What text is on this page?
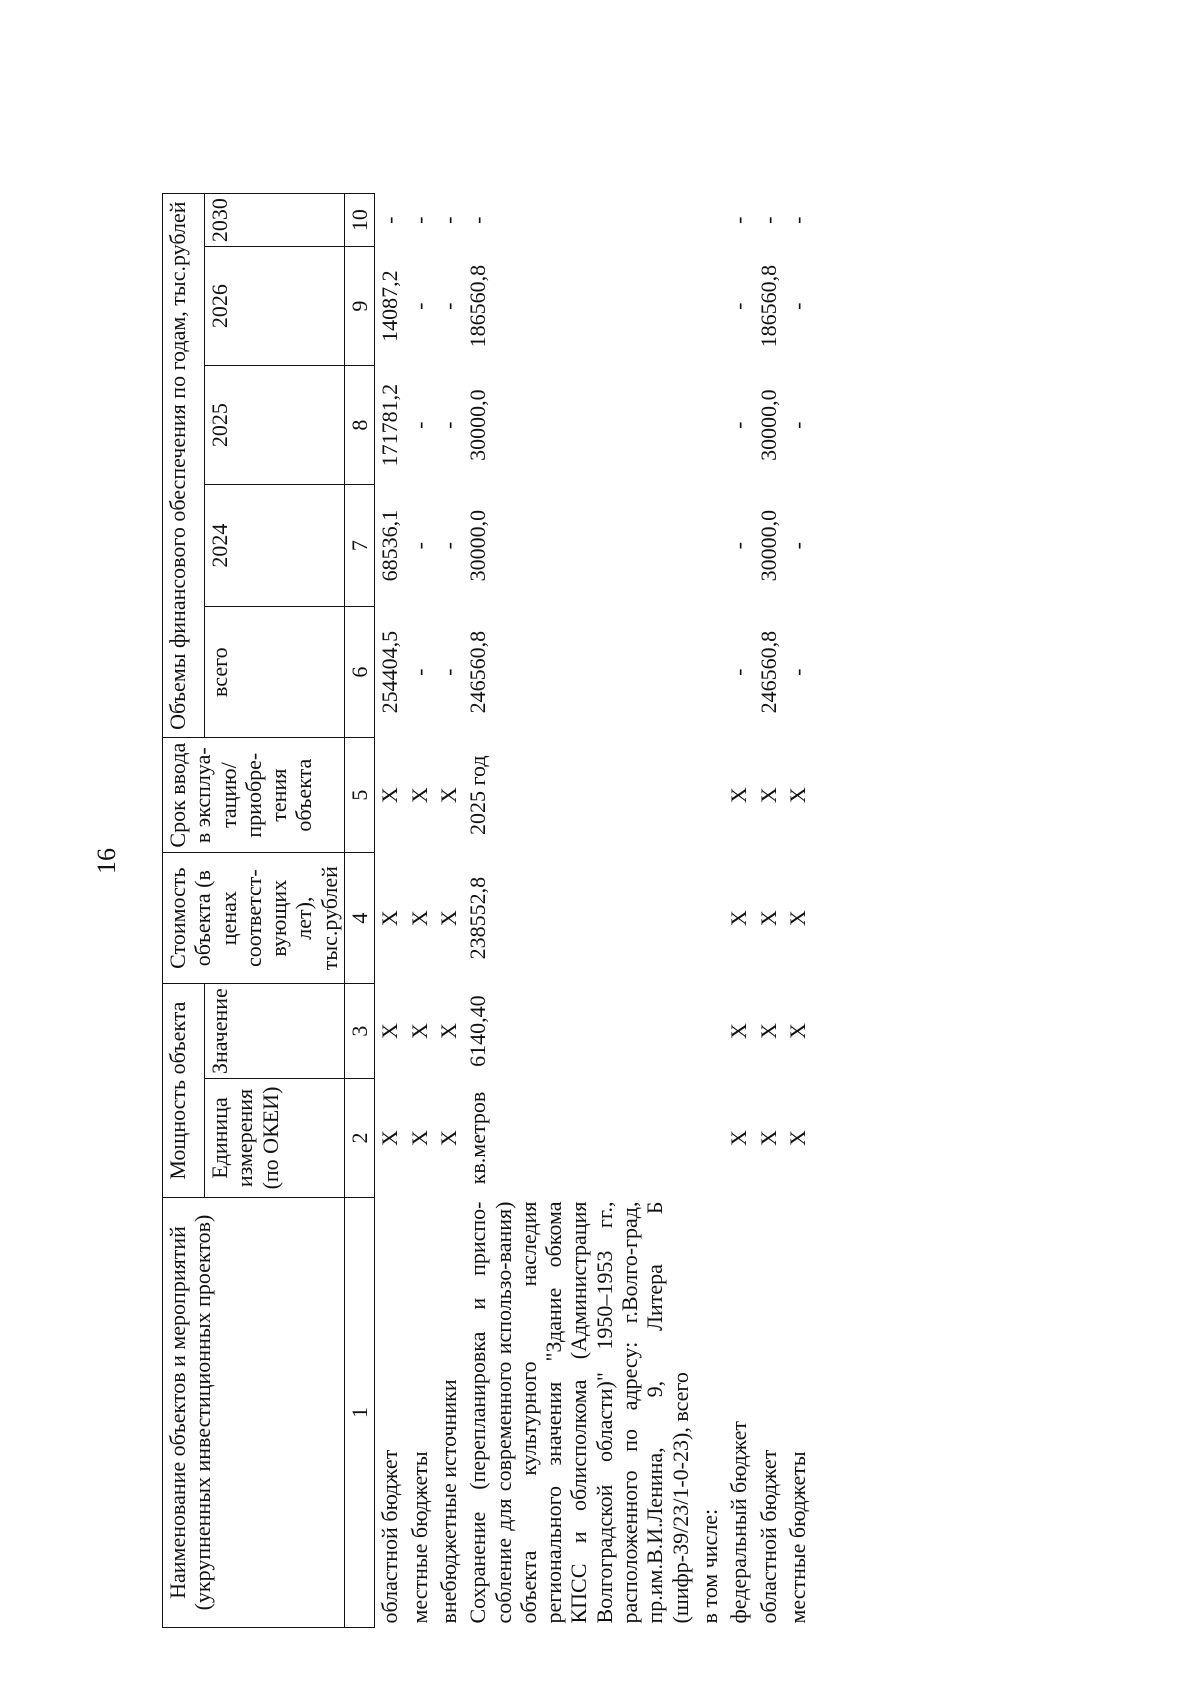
16
Наименование объектов и мероприятий (укрупненных инвестиционных проектов)	Мощность объекта		Стоимость объекта (в ценах соответст-вующих лет), тыс.рублей	Срок ввода в эксплуа-тацию/ приобре-тения объекта	Объемы финансового обеспечения по годам, тыс.рублей				
	Единица измерения (по ОКЕИ)	Значение			всего	2024	2025	2026	2030
1	2	3	4	5	6	7	8	9	10
областной бюджет	X	X	X	X	254404,5	68536,1	171781,2	14087,2	-
местные бюджеты	X	X	X	X	-	-	-	-	-
внебюджетные источники	X	X	X	X	-	-	-	-	-
Сохранение (перепланировка и приспо-собление для современного использо-вания) объекта культурного наследия регионального значения "Здание обкома КПСС и облисполкома (Администрация Волгоградской области)" 1950–1953 гг., расположенного по адресу: г.Волго-град, пр.им.В.И.Ленина, 9, Литера Б (шифр-39/23/1-0-23), всего	кв.метров	6140,40	238552,8	2025 год	246560,8	30000,0	30000,0	186560,8	-
в том числе:									
федеральный бюджет	X	X	X	X	-	-	-	-	-
областной бюджет	X	X	X	X	246560,8	30000,0	30000,0	186560,8	-
местные бюджеты	X	X	X	X	-	-	-	-	-
